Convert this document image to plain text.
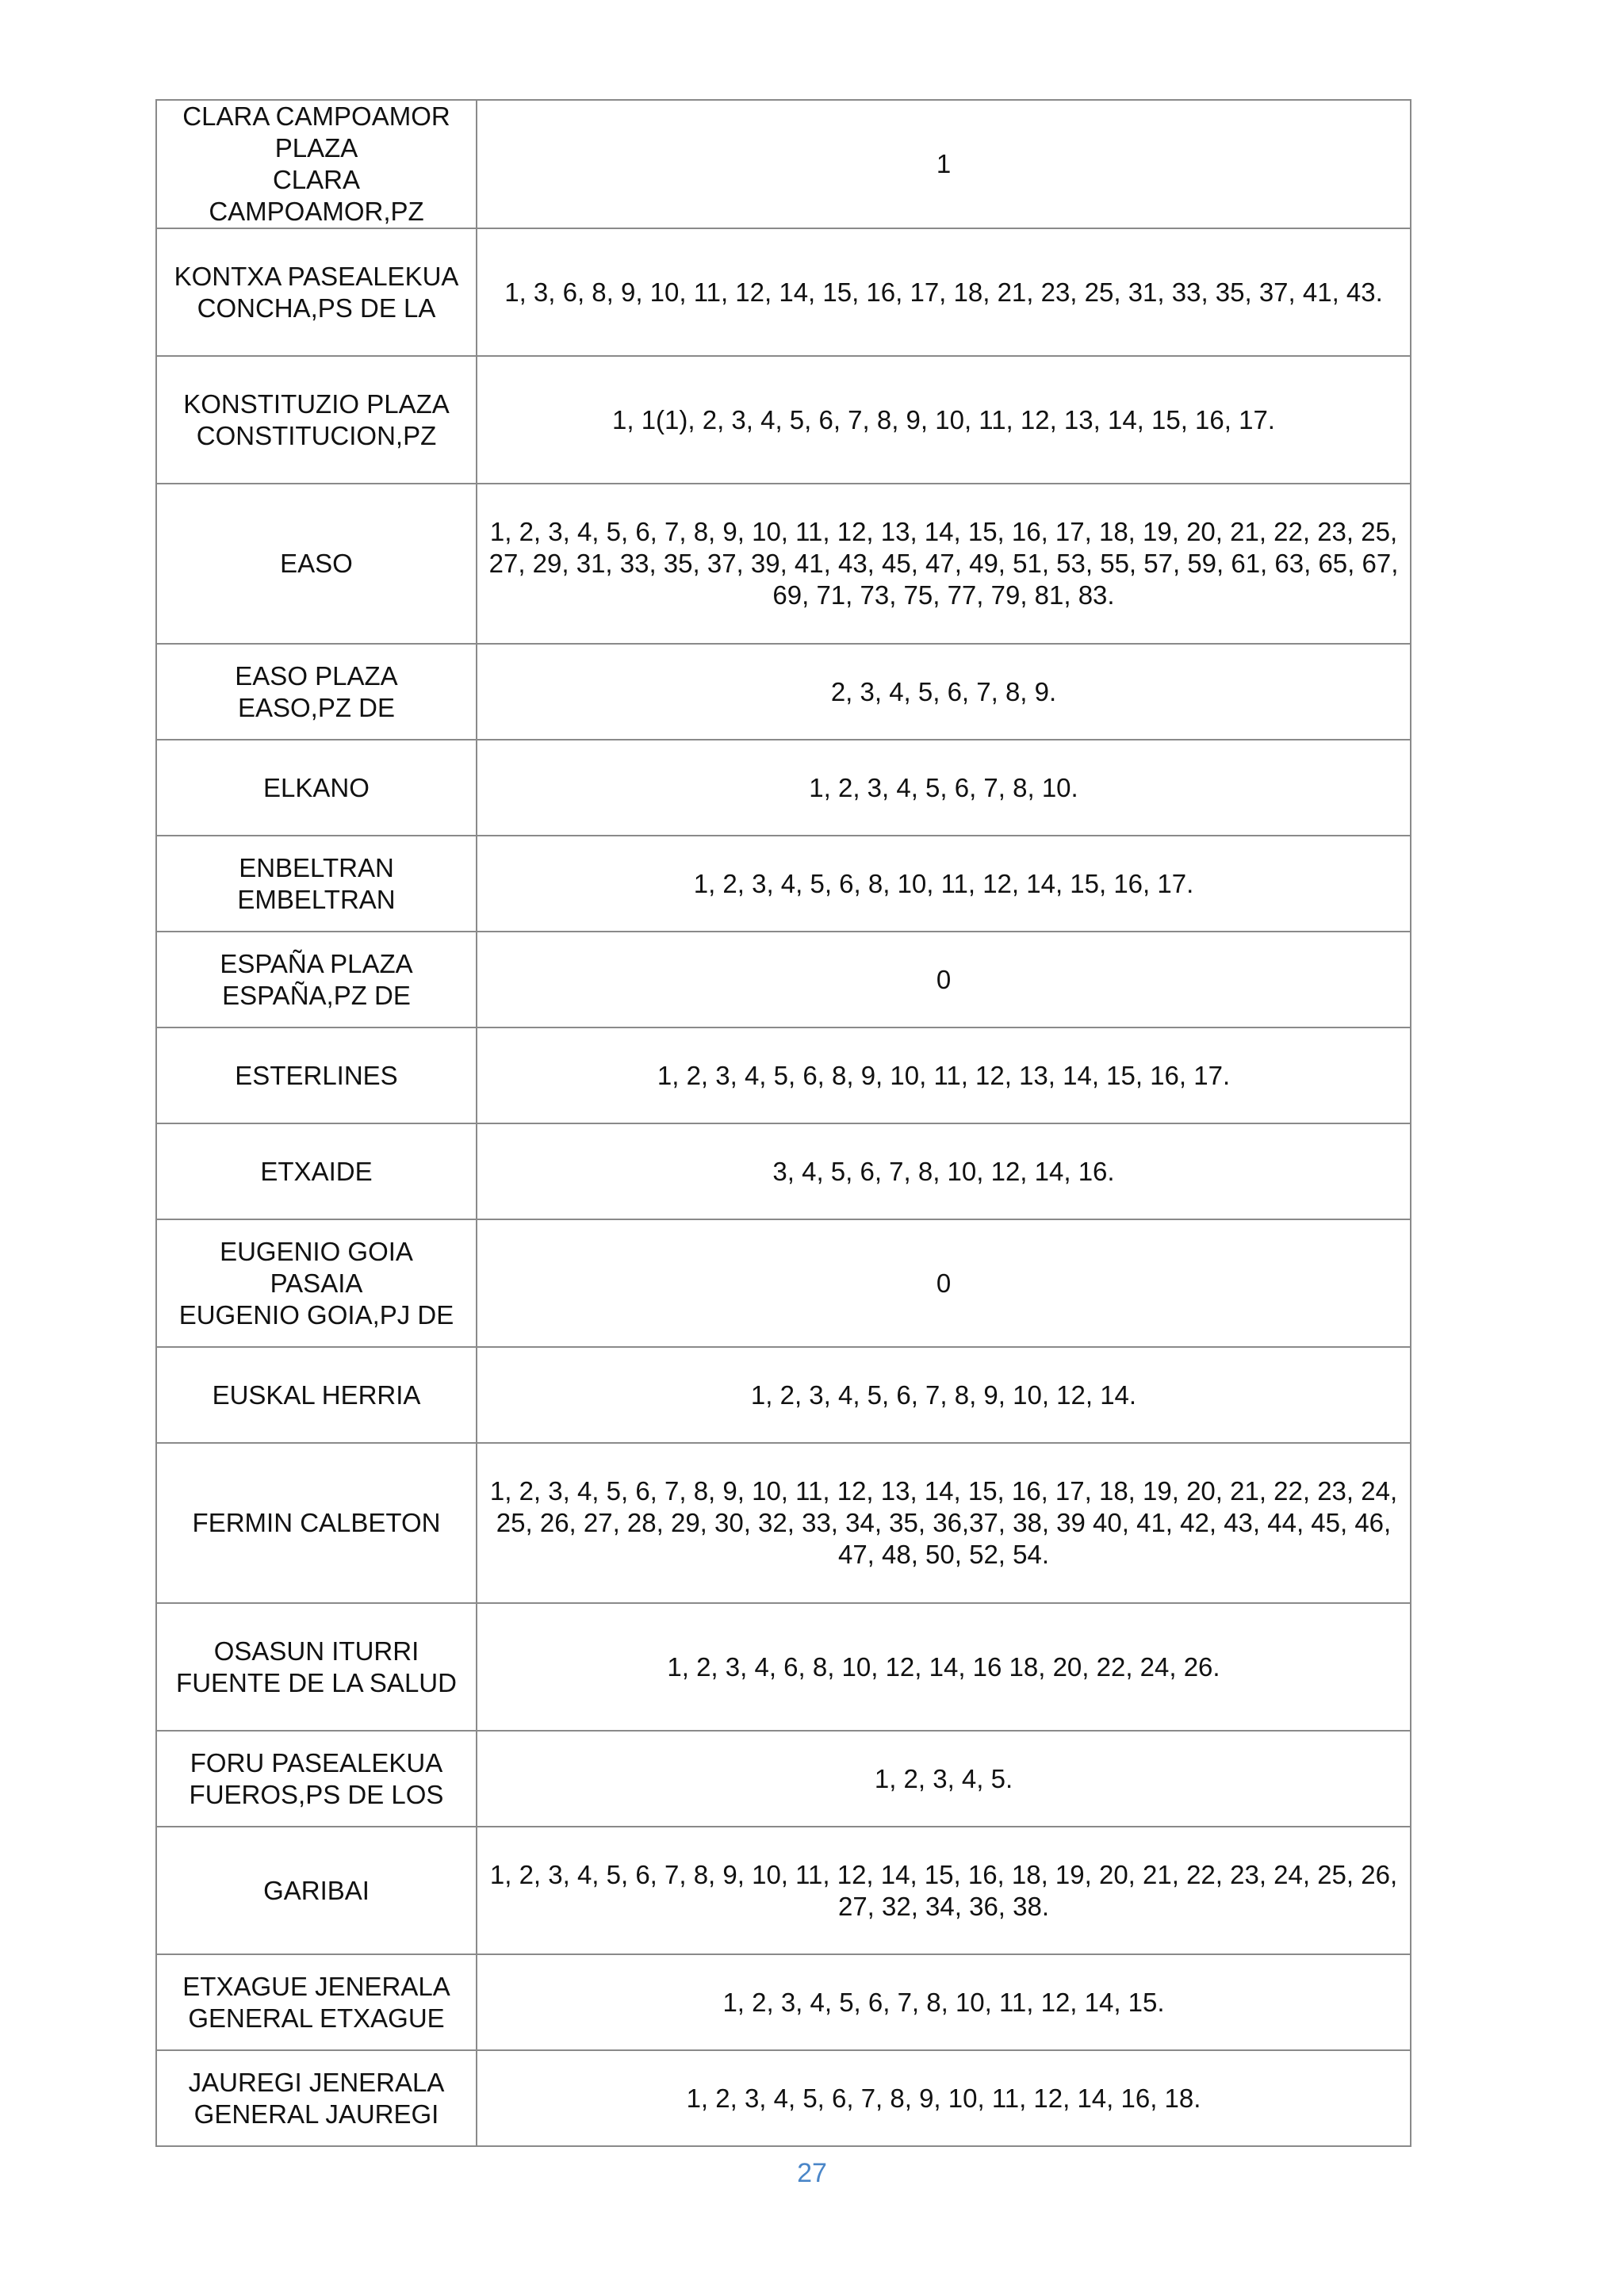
CLARA CAMPOAMOR
PLAZA
CLARA
CAMPOAMOR,PZ	1

KONTXA PASEALEKUA
CONCHA,PS DE LA	1, 3, 6, 8, 9, 10, 11, 12, 14, 15, 16, 17, 18, 21, 23, 25, 31, 33, 35, 37, 41, 43.

KONSTITUZIO PLAZA
CONSTITUCION,PZ	1, 1(1), 2, 3, 4, 5, 6, 7, 8, 9, 10, 11, 12, 13, 14, 15, 16, 17.

EASO	1, 2, 3, 4, 5, 6, 7, 8, 9, 10, 11, 12, 13, 14, 15, 16, 17, 18, 19, 20, 21, 22, 23, 25, 27, 29, 31, 33, 35, 37, 39, 41, 43, 45, 47, 49, 51, 53, 55, 57, 59, 61, 63, 65, 67, 69, 71, 73, 75, 77, 79, 81, 83.

EASO PLAZA
EASO,PZ DE	2, 3, 4, 5, 6, 7, 8, 9.

ELKANO	1, 2, 3, 4, 5, 6, 7, 8, 10.

ENBELTRAN
EMBELTRAN	1, 2, 3, 4, 5, 6, 8, 10, 11, 12, 14, 15, 16, 17.

ESPAÑA PLAZA
ESPAÑA,PZ DE	0

ESTERLINES	1, 2, 3, 4, 5, 6, 8, 9, 10, 11, 12, 13, 14, 15, 16, 17.

ETXAIDE	3, 4, 5, 6, 7, 8, 10, 12, 14, 16.

EUGENIO GOIA
PASAIA
EUGENIO GOIA,PJ DE	0

EUSKAL HERRIA	1, 2, 3, 4, 5, 6, 7, 8, 9, 10, 12, 14.

FERMIN CALBETON	1, 2, 3, 4, 5, 6, 7, 8, 9, 10, 11, 12, 13, 14, 15, 16, 17, 18, 19, 20, 21, 22, 23, 24, 25, 26, 27, 28, 29, 30, 32, 33, 34, 35, 36,37, 38, 39 40, 41, 42, 43, 44, 45, 46, 47, 48, 50, 52, 54.

OSASUN ITURRI
FUENTE DE LA SALUD	1, 2, 3, 4, 6, 8, 10, 12, 14, 16 18, 20, 22, 24, 26.

FORU PASEALEKUA
FUEROS,PS DE LOS	1, 2, 3, 4, 5.

GARIBAI	1, 2, 3, 4, 5, 6, 7, 8, 9, 10, 11, 12, 14, 15, 16, 18, 19, 20, 21, 22, 23, 24, 25, 26, 27, 32, 34, 36, 38.

ETXAGUE JENERALA
GENERAL ETXAGUE	1, 2, 3, 4, 5, 6, 7, 8, 10, 11, 12, 14, 15.

JAUREGI JENERALA
GENERAL JAUREGI	1, 2, 3, 4, 5, 6, 7, 8, 9, 10, 11, 12, 14, 16, 18.
27
